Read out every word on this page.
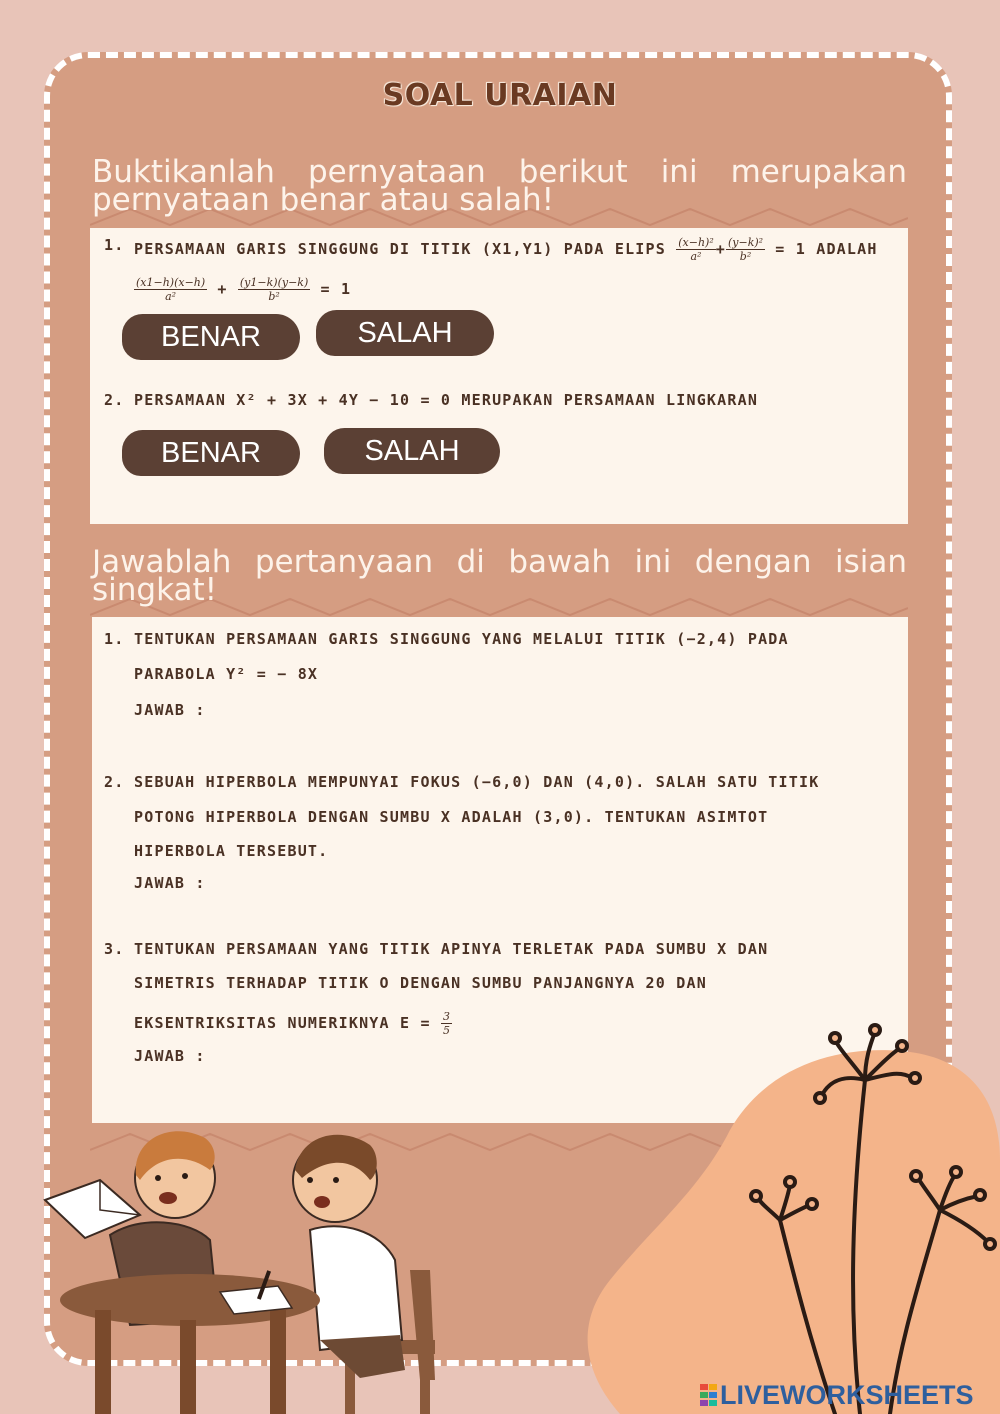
SOAL URAIAN
Buktikanlah pernyataan berikut ini merupakan pernyataan benar atau salah!
1. PERSAMAAN GARIS SINGGUNG DI TITIK (X1,Y1) PADA ELIPS $\frac{\text{(x−h)²}}{\text{a²}} + \frac{\text{(y−k)²}}{\text{b²}} = 1$ ADALAH
$\frac{(x1-h)(x-h)}{\text{a²}} + \frac{(y1-k)(y-k)}{\text{b²}} = 1$
BENAR	SALAH
2. PERSAMAAN X² + 3X + 4Y − 10 = 0 MERUPAKAN PERSAMAAN LINGKARAN
BENAR	SALAH
Jawablah pertanyaan di bawah ini dengan isian singkat!
1. TENTUKAN PERSAMAAN GARIS SINGGUNG YANG MELALUI TITIK (−2,4) PADA
PARABOLA Y² = − 8X
JAWAB :
2. SEBUAH HIPERBOLA MEMPUNYAI FOKUS (−6,0) DAN (4,0). SALAH SATU TITIK
POTONG HIPERBOLA DENGAN SUMBU X ADALAH (3,0). TENTUKAN ASIMTOT
HIPERBOLA TERSEBUT.
JAWAB :
3. TENTUKAN PERSAMAAN YANG TITIK APINYA TERLETAK PADA SUMBU X DAN
SIMETRIS TERHADAP TITIK O DENGAN SUMBU PANJANGNYA 20 DAN
EKSENTRIKSITAS NUMERIKNYA $E = \frac{3}{5}$
JAWAB :
LIVEWORKSHEETS
